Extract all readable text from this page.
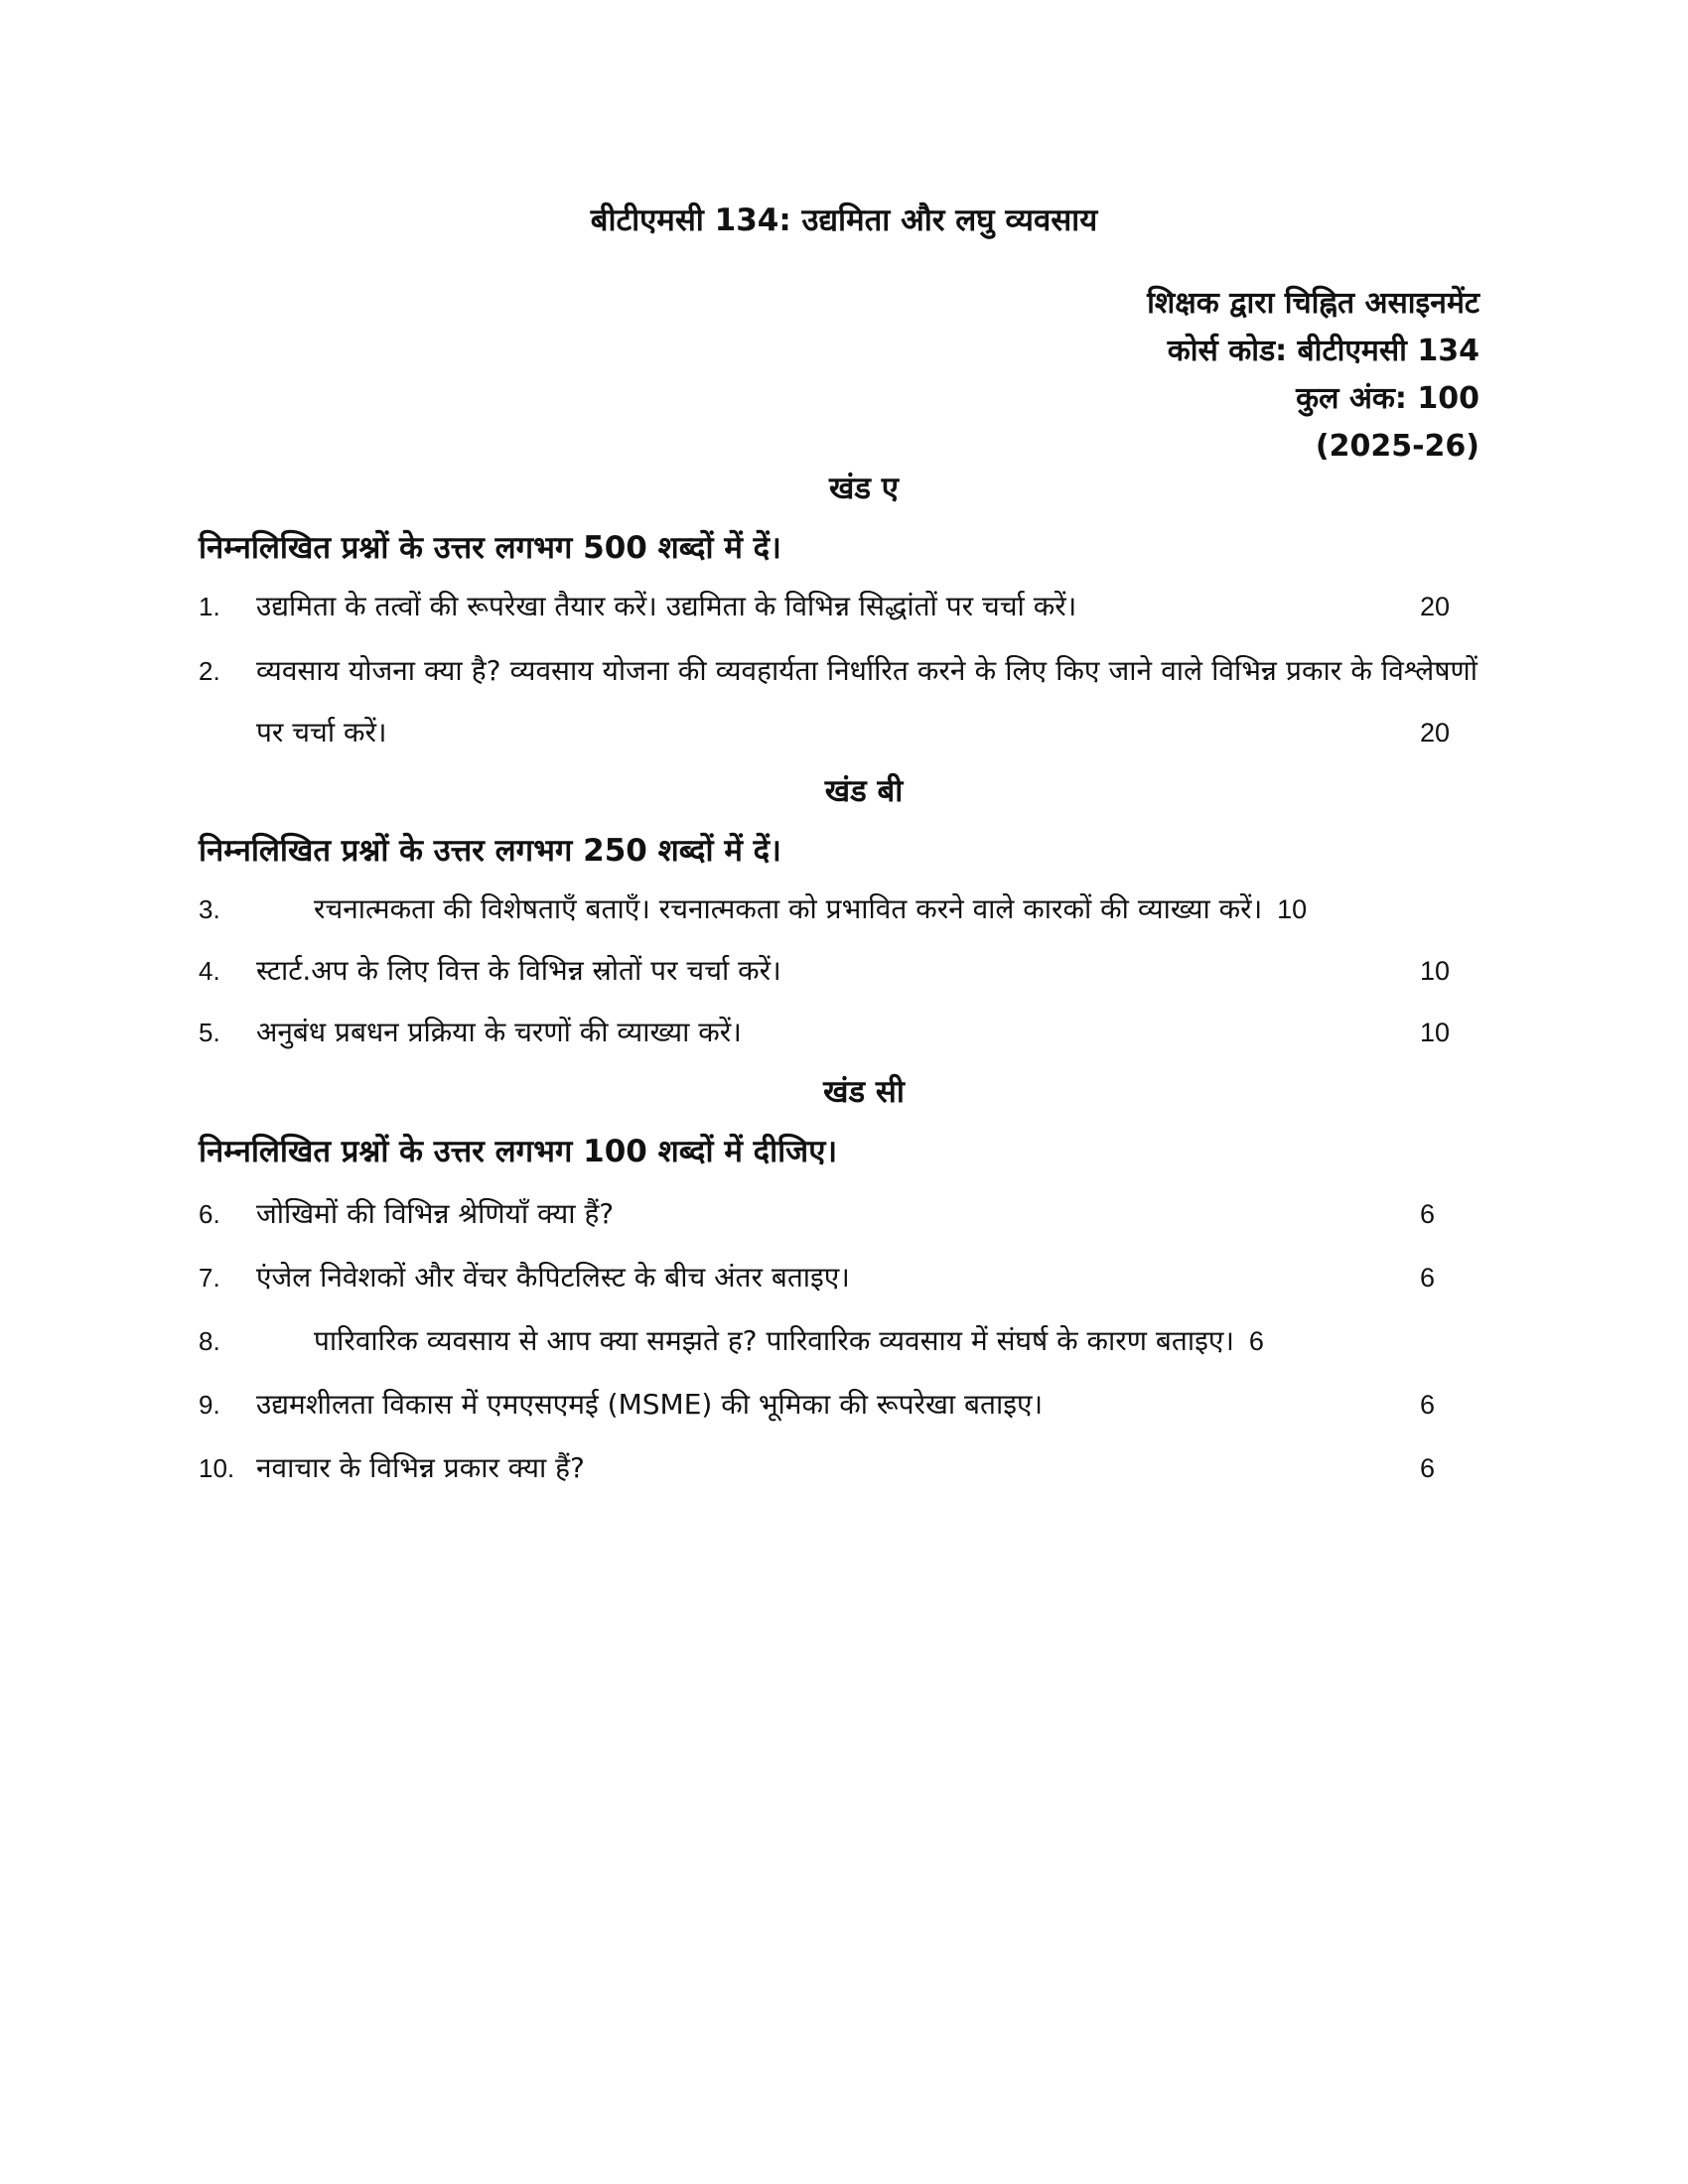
बीटीएमसी 134: उद्यमिता और लघु व्यवसाय
शिक्षक द्वारा चिह्नित असाइनमेंट
कोर्स कोड: बीटीएमसी 134
कुल अंक: 100
(2025-26)
खंड ए

निम्नलिखित प्रश्नों के उत्तर लगभग 500 शब्दों में दें।

1. उद्यमिता के तत्वों की रूपरेखा तैयार करें। उद्यमिता के विभिन्न सिद्धांतों पर चर्चा करें।	20
2. व्यवसाय योजना क्या है? व्यवसाय योजना की व्यवहार्यता निर्धारित करने के लिए किए जाने वाले विभिन्न प्रकार के विश्लेषणों पर चर्चा करें।	20
खंड बी

निम्नलिखित प्रश्नों के उत्तर लगभग 250 शब्दों में दें।

3.	रचनात्मकता की विशेषताएँ बताएँ। रचनात्मकता को प्रभावित करने वाले कारकों की व्याख्या करें। 10
4. स्टार्ट.अप के लिए वित्त के विभिन्न स्रोतों पर चर्चा करें।	10
5. अनुबंध प्रबधन प्रक्रिया के चरणों की व्याख्या करें।	10
खंड सी

निम्नलिखित प्रश्नों के उत्तर लगभग 100 शब्दों में दीजिए।

6. जोखिमों की विभिन्न श्रेणियाँ क्या हैं?	6
7. एंजेल निवेशकों और वेंचर कैपिटलिस्ट के बीच अंतर बताइए।	6
8.	पारिवारिक व्यवसाय से आप क्या समझते ह? पारिवारिक व्यवसाय में संघर्ष के कारण बताइए। 6
9. उद्यमशीलता विकास में एमएसएमई (MSME) की भूमिका की रूपरेखा बताइए।	6
10. नवाचार के विभिन्न प्रकार क्या हैं?	6
